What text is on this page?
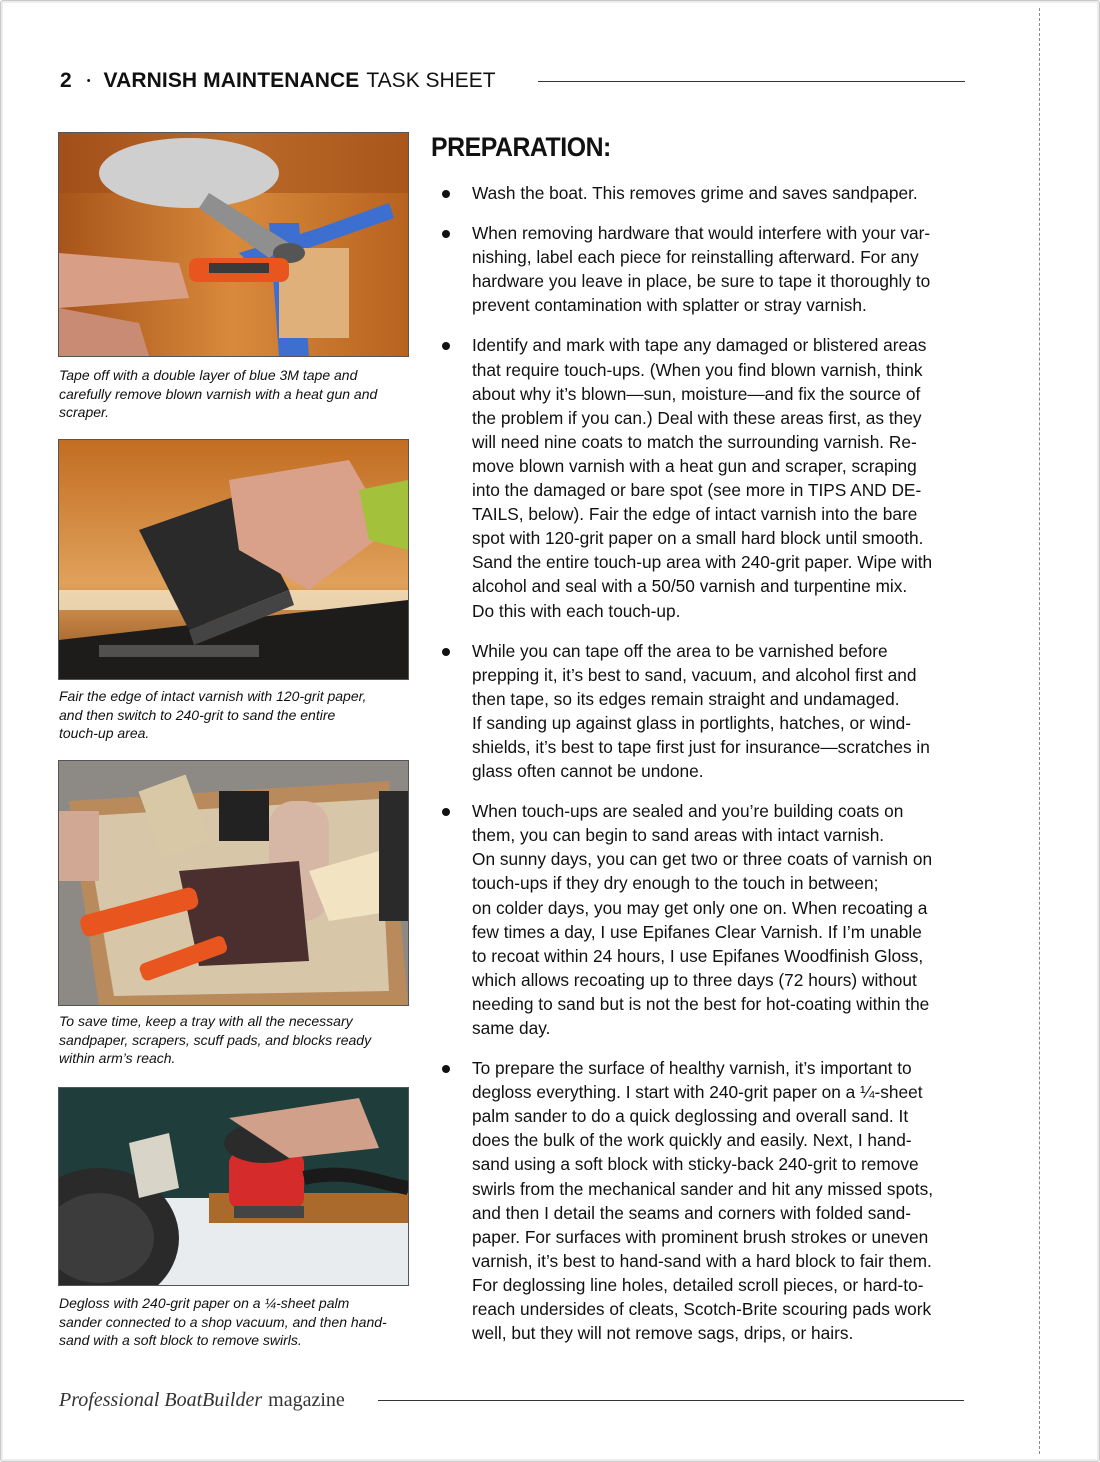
2 • VARNISH MAINTENANCE TASK SHEET
Tape off with a double layer of blue 3M tape and
carefully remove blown varnish with a heat gun and
scraper.
Fair the edge of intact varnish with 120-grit paper,
and then switch to 240-grit to sand the entire
touch-up area.
To save time, keep a tray with all the necessary
sandpaper, scrapers, scuff pads, and blocks ready
within arm’s reach.
Degloss with 240-grit paper on a ¼-sheet palm
sander connected to a shop vacuum, and then hand-
sand with a soft block to remove swirls.
PREPARATION:
Wash the boat. This removes grime and saves sandpaper.
When removing hardware that would interfere with your var-
nishing, label each piece for reinstalling afterward. For any
hardware you leave in place, be sure to tape it thoroughly to
prevent contamination with splatter or stray varnish.
Identify and mark with tape any damaged or blistered areas
that require touch-ups. (When you find blown varnish, think
about why it’s blown—sun, moisture—and fix the source of
the problem if you can.) Deal with these areas first, as they
will need nine coats to match the surrounding varnish. Re-
move blown varnish with a heat gun and scraper, scraping
into the damaged or bare spot (see more in TIPS AND DE-
TAILS, below). Fair the edge of intact varnish into the bare
spot with 120-grit paper on a small hard block until smooth.
Sand the entire touch-up area with 240-grit paper. Wipe with
alcohol and seal with a 50/50 varnish and turpentine mix.
Do this with each touch-up.
While you can tape off the area to be varnished before
prepping it, it’s best to sand, vacuum, and alcohol first and
then tape, so its edges remain straight and undamaged.
If sanding up against glass in portlights, hatches, or wind-
shields, it’s best to tape first just for insurance—scratches in
glass often cannot be undone.
When touch-ups are sealed and you’re building coats on
them, you can begin to sand areas with intact varnish.
On sunny days, you can get two or three coats of varnish on
touch-ups if they dry enough to the touch in between;
on colder days, you may get only one on. When recoating a
few times a day, I use Epifanes Clear Varnish. If I’m unable
to recoat within 24 hours, I use Epifanes Woodfinish Gloss,
which allows recoating up to three days (72 hours) without
needing to sand but is not the best for hot-coating within the
same day.
To prepare the surface of healthy varnish, it’s important to
degloss everything. I start with 240-grit paper on a ¼-sheet
palm sander to do a quick deglossing and overall sand. It
does the bulk of the work quickly and easily. Next, I hand-
sand using a soft block with sticky-back 240-grit to remove
swirls from the mechanical sander and hit any missed spots,
and then I detail the seams and corners with folded sand-
paper. For surfaces with prominent brush strokes or uneven
varnish, it’s best to hand-sand with a hard block to fair them.
For deglossing line holes, detailed scroll pieces, or hard-to-
reach undersides of cleats, Scotch-Brite scouring pads work
well, but they will not remove sags, drips, or hairs.
Professional BoatBuilder magazine
